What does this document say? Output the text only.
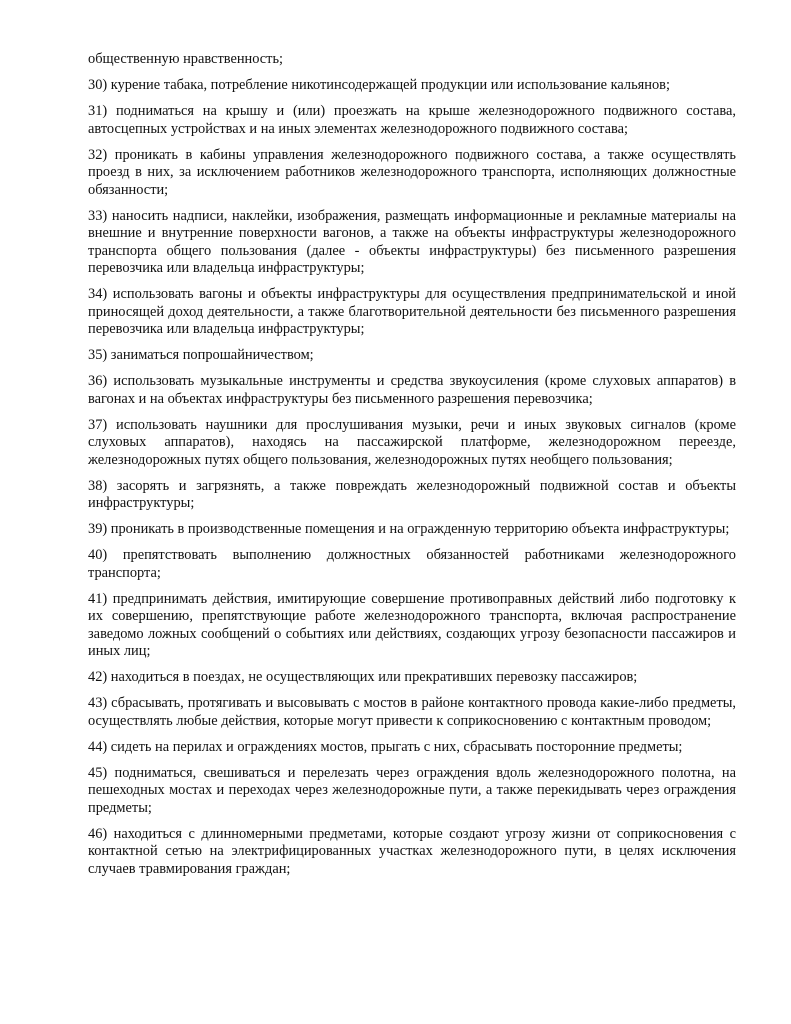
общественную нравственность;

30) курение табака, потребление никотинсодержащей продукции или использование кальянов;

31) подниматься на крышу и (или) проезжать на крыше железнодорожного подвижного состава, автосцепных устройствах и на иных элементах железнодорожного подвижного состава;

32) проникать в кабины управления железнодорожного подвижного состава, а также осуществлять проезд в них, за исключением работников железнодорожного транспорта, исполняющих должностные обязанности;

33) наносить надписи, наклейки, изображения, размещать информационные и рекламные материалы на внешние и внутренние поверхности вагонов, а также на объекты инфраструктуры железнодорожного транспорта общего пользования (далее - объекты инфраструктуры) без письменного разрешения перевозчика или владельца инфраструктуры;

34) использовать вагоны и объекты инфраструктуры для осуществления предпринимательской и иной приносящей доход деятельности, а также благотворительной деятельности без письменного разрешения перевозчика или владельца инфраструктуры;

35) заниматься попрошайничеством;

36) использовать музыкальные инструменты и средства звукоусиления (кроме слуховых аппаратов) в вагонах и на объектах инфраструктуры без письменного разрешения перевозчика;

37) использовать наушники для прослушивания музыки, речи и иных звуковых сигналов (кроме слуховых аппаратов), находясь на пассажирской платформе, железнодорожном переезде, железнодорожных путях общего пользования, железнодорожных путях необщего пользования;

38) засорять и загрязнять, а также повреждать железнодорожный подвижной состав и объекты инфраструктуры;

39) проникать в производственные помещения и на огражденную территорию объекта инфраструктуры;

40) препятствовать выполнению должностных обязанностей работниками железнодорожного транспорта;

41) предпринимать действия, имитирующие совершение противоправных действий либо подготовку к их совершению, препятствующие работе железнодорожного транспорта, включая распространение заведомо ложных сообщений о событиях или действиях, создающих угрозу безопасности пассажиров и иных лиц;

42) находиться в поездах, не осуществляющих или прекративших перевозку пассажиров;

43) сбрасывать, протягивать и высовывать с мостов в районе контактного провода какие-либо предметы, осуществлять любые действия, которые могут привести к соприкосновению с контактным проводом;

44) сидеть на перилах и ограждениях мостов, прыгать с них, сбрасывать посторонние предметы;

45) подниматься, свешиваться и перелезать через ограждения вдоль железнодорожного полотна, на пешеходных мостах и переходах через железнодорожные пути, а также перекидывать через ограждения предметы;

46) находиться с длинномерными предметами, которые создают угрозу жизни от соприкосновения с контактной сетью на электрифицированных участках железнодорожного пути, в целях исключения случаев травмирования граждан;
